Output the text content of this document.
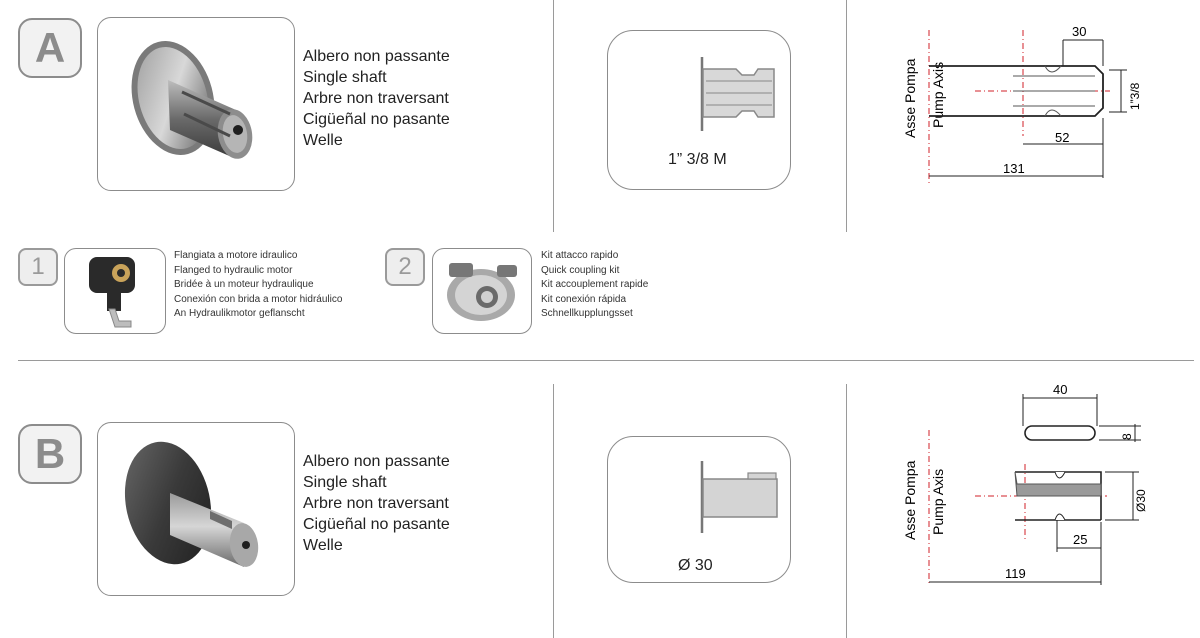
A	Albero non passante
Single shaft
Arbre non traversant
Cigüeñal no pasante
Welle
1” 3/8 M
Asse Pompa Pump Axis
30
1”3/8
52
131
1	Flangiata a motore idraulico
Flanged to hydraulic motor
Bridée à un moteur hydraulique
Conexión con brida a motor hidráulico
An Hydraulikmotor geflanscht
2	Kit attacco rapido
Quick coupling kit
Kit accouplement rapide
Kit conexión rápida
Schnellkupplungsset
B	Albero non passante
Single shaft
Arbre non traversant
Cigüeñal no pasante
Welle
Ø 30
40
8
Asse Pompa Pump Axis	Ø30
25
119
